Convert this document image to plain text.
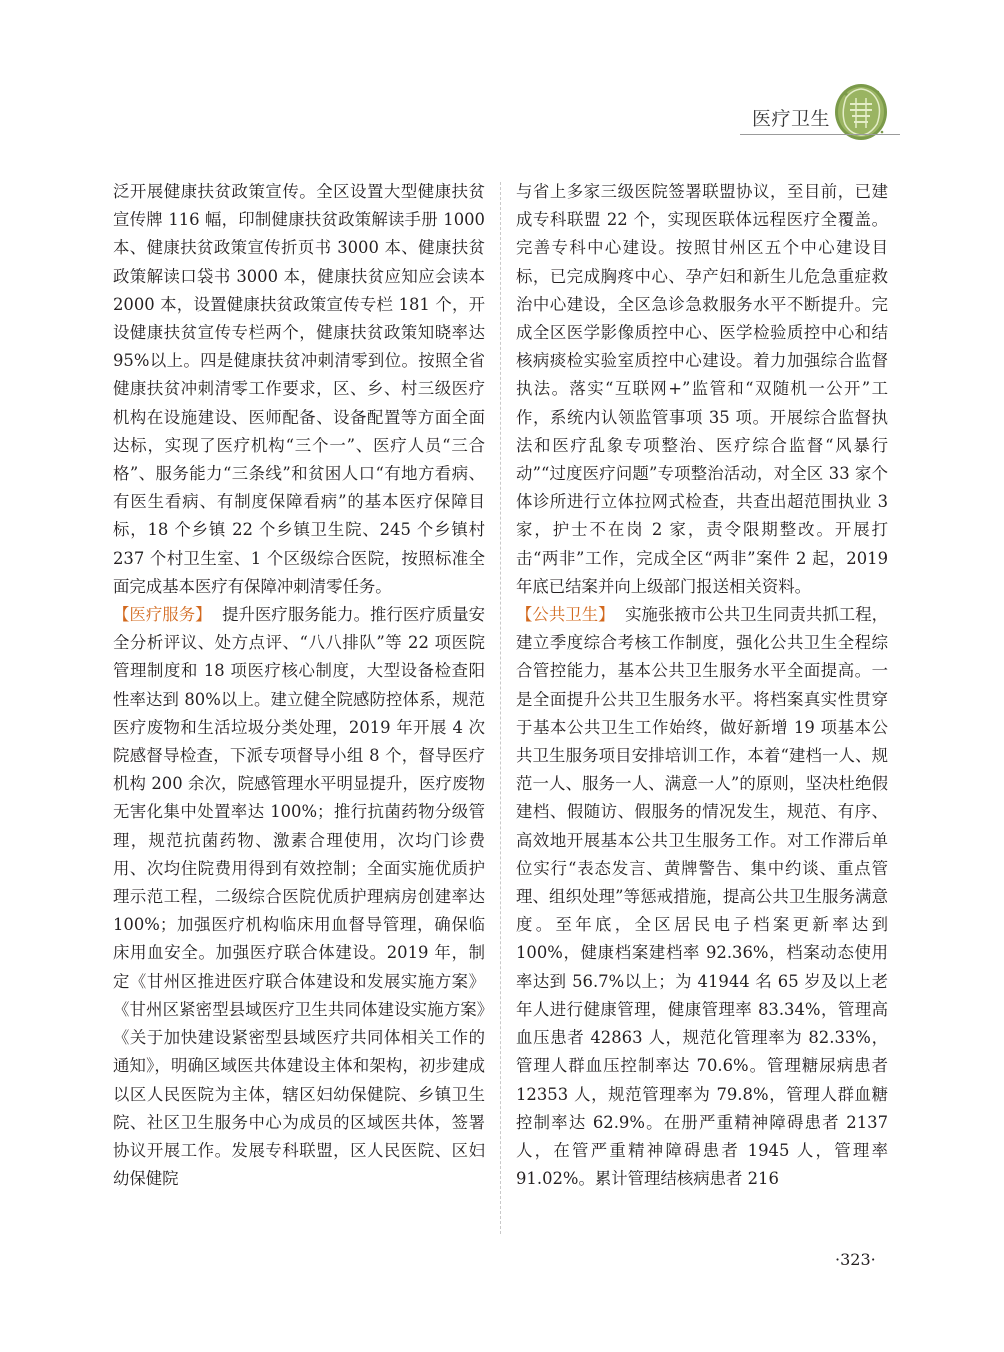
医疗卫生

泛开展健康扶贫政策宣传。全区设置大型健康扶贫宣传牌 116 幅，印制健康扶贫政策解读手册 1000 本、健康扶贫政策宣传折页书 3000 本、健康扶贫政策解读口袋书 3000 本，健康扶贫应知应会读本 2000 本，设置健康扶贫政策宣传专栏 181 个，开设健康扶贫宣传专栏两个，健康扶贫政策知晓率达 95%以上。四是健康扶贫冲刺清零到位。按照全省健康扶贫冲刺清零工作要求，区、乡、村三级医疗机构在设施建设、医师配备、设备配置等方面全面达标，实现了医疗机构“三个一”、医疗人员“三合格”、服务能力“三条线”和贫困人口“有地方看病、有医生看病、有制度保障看病”的基本医疗保障目标，18 个乡镇 22 个乡镇卫生院、245 个乡镇村 237 个村卫生室、1 个区级综合医院，按照标准全面完成基本医疗有保障冲刺清零任务。

【医疗服务】 提升医疗服务能力。推行医疗质量安全分析评议、处方点评、“八八排队”等 22 项医院管理制度和 18 项医疗核心制度，大型设备检查阳性率达到 80%以上。建立健全院感防控体系，规范医疗废物和生活垃圾分类处理，2019 年开展 4 次院感督导检查，下派专项督导小组 8 个，督导医疗机构 200 余次，院感管理水平明显提升，医疗废物无害化集中处置率达 100%；推行抗菌药物分级管理，规范抗菌药物、激素合理使用，次均门诊费用、次均住院费用得到有效控制；全面实施优质护理示范工程，二级综合医院优质护理病房创建率达 100%；加强医疗机构临床用血督导管理，确保临床用血安全。加强医疗联合体建设。2019 年，制定《甘州区推进医疗联合体建设和发展实施方案》《甘州区紧密型县域医疗卫生共同体建设实施方案》《关于加快建设紧密型县域医疗共同体相关工作的通知》，明确区域医共体建设主体和架构，初步建成以区人民医院为主体，辖区妇幼保健院、乡镇卫生院、社区卫生服务中心为成员的区域医共体，签署协议开展工作。发展专科联盟，区人民医院、区妇幼保健院

与省上多家三级医院签署联盟协议，至目前，已建成专科联盟 22 个，实现医联体远程医疗全覆盖。完善专科中心建设。按照甘州区五个中心建设目标，已完成胸疼中心、孕产妇和新生儿危急重症救治中心建设，全区急诊急救服务水平不断提升。完成全区医学影像质控中心、医学检验质控中心和结核病痰检实验室质控中心建设。着力加强综合监督执法。落实“互联网+”监管和“双随机一公开”工作，系统内认领监管事项 35 项。开展综合监督执法和医疗乱象专项整治、医疗综合监督“风暴行动”“过度医疗问题”专项整治活动，对全区 33 家个体诊所进行立体拉网式检查，共查出超范围执业 3 家，护士不在岗 2 家，责令限期整改。开展打击“两非”工作，完成全区“两非”案件 2 起，2019 年底已结案并向上级部门报送相关资料。

【公共卫生】 实施张掖市公共卫生同责共抓工程，建立季度综合考核工作制度，强化公共卫生全程综合管控能力，基本公共卫生服务水平全面提高。一是全面提升公共卫生服务水平。将档案真实性贯穿于基本公共卫生工作始终，做好新增 19 项基本公共卫生服务项目安排培训工作，本着“建档一人、规范一人、服务一人、满意一人”的原则，坚决杜绝假建档、假随访、假服务的情况发生，规范、有序、高效地开展基本公共卫生服务工作。对工作滞后单位实行“表态发言、黄牌警告、集中约谈、重点管理、组织处理”等惩戒措施，提高公共卫生服务满意度。至年底，全区居民电子档案更新率达到 100%，健康档案建档率 92.36%，档案动态使用率达到 56.7%以上；为 41944 名 65 岁及以上老年人进行健康管理，健康管理率 83.34%，管理高血压患者 42863 人，规范化管理率为 82.33%，管理人群血压控制率达 70.6%。管理糖尿病患者 12353 人，规范管理率为 79.8%，管理人群血糖控制率达 62.9%。在册严重精神障碍患者 2137 人，在管严重精神障碍患者 1945 人，管理率 91.02%。累计管理结核病患者 216

·323·
